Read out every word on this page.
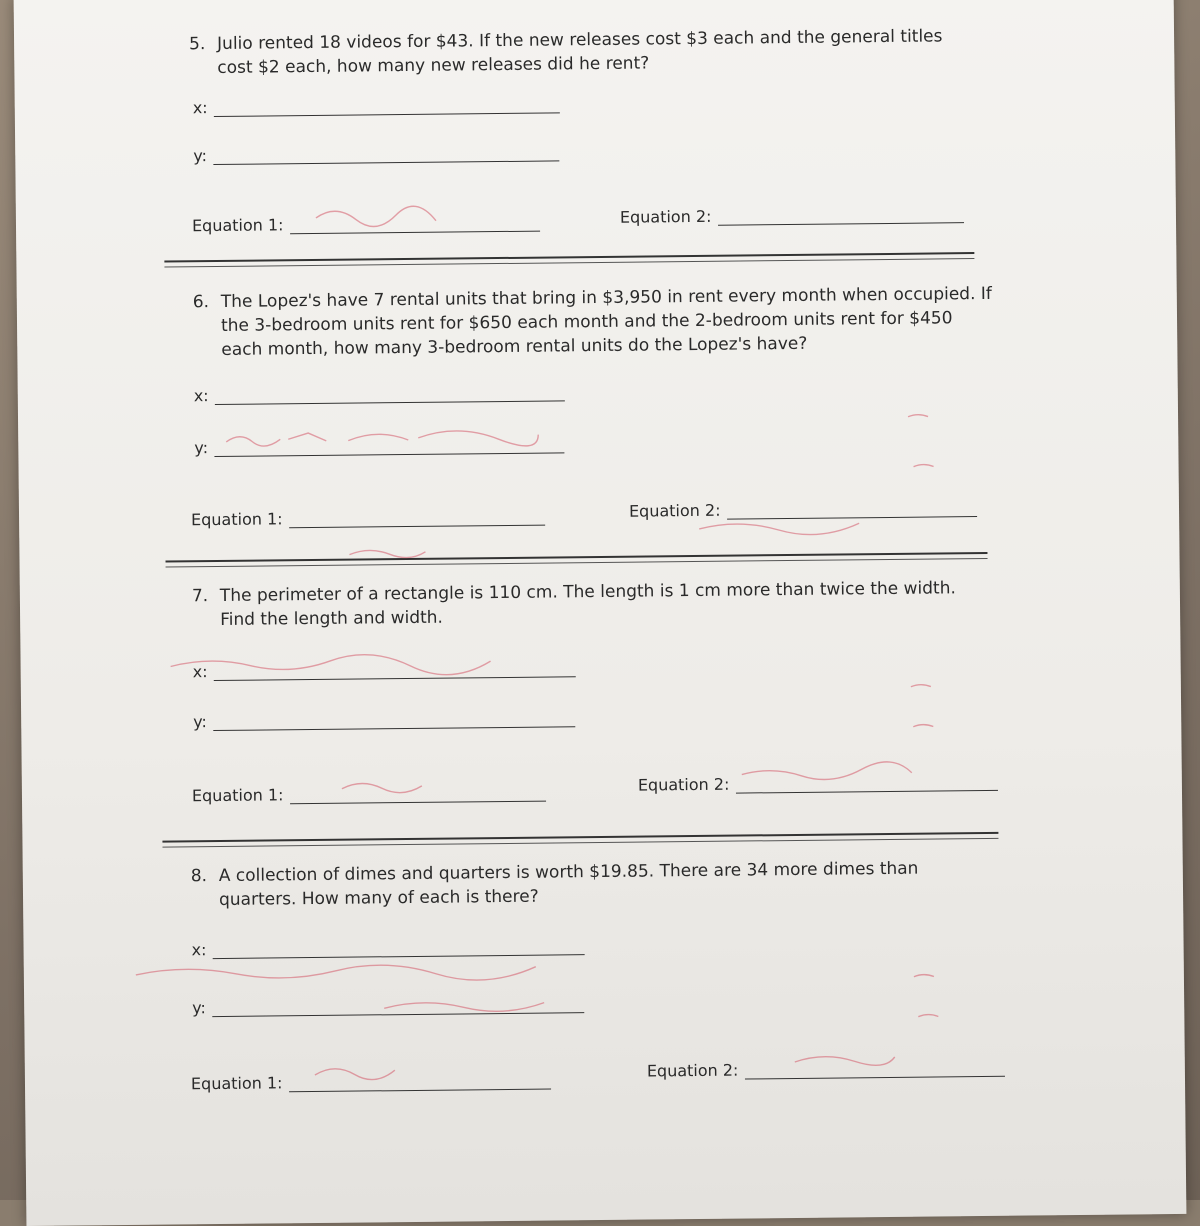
5. Julio rented 18 videos for $43. If the new releases cost $3 each and the general titles
cost $2 each, how many new releases did he rent?
x:
y:
Equation 1:	Equation 2:
6. The Lopez's have 7 rental units that bring in $3,950 in rent every month when occupied. If
the 3-bedroom units rent for $650 each month and the 2-bedroom units rent for $450
each month, how many 3-bedroom rental units do the Lopez's have?
x:
y:
Equation 1:	Equation 2:
7. The perimeter of a rectangle is 110 cm. The length is 1 cm more than twice the width.
Find the length and width.
x:
y:
Equation 1:
Equation 2:
8. A collection of dimes and quarters is worth $19.85. There are 34 more dimes than
quarters. How many of each is there?
x:
y:
Equation 1:
Equation 2:
